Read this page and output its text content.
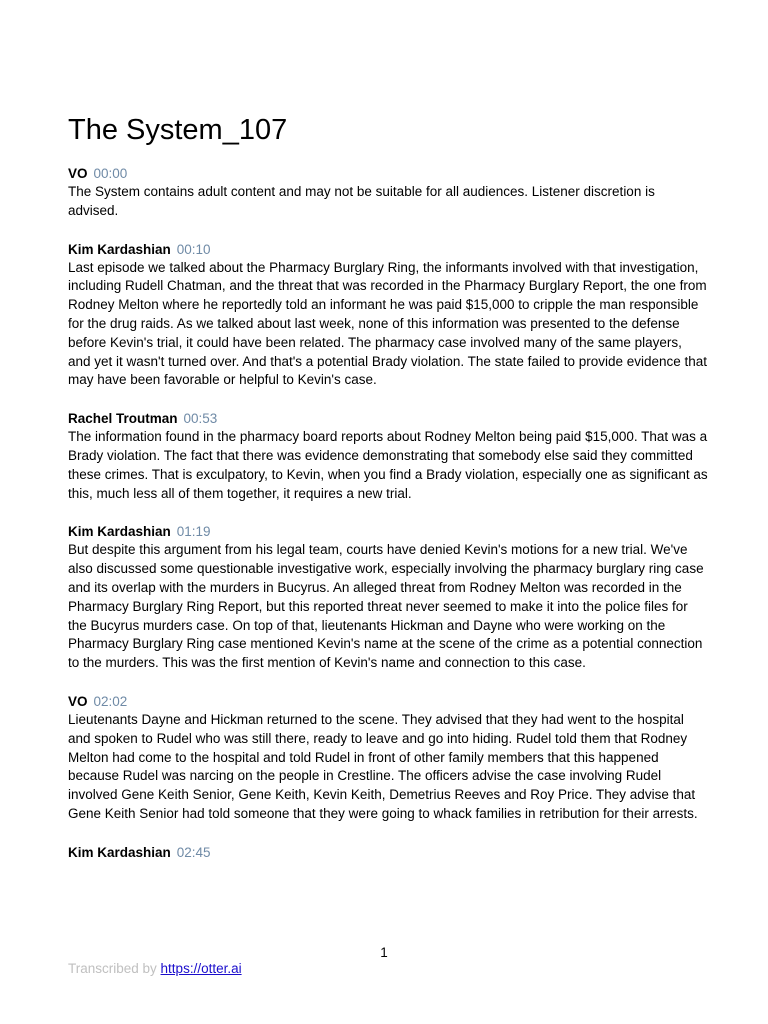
The System_107
VO 00:00

The System contains adult content and may not be suitable for all audiences. Listener discretion is advised.

Kim Kardashian 00:10

Last episode we talked about the Pharmacy Burglary Ring, the informants involved with that investigation, including Rudell Chatman, and the threat that was recorded in the Pharmacy Burglary Report, the one from Rodney Melton where he reportedly told an informant he was paid $15,000 to cripple the man responsible for the drug raids. As we talked about last week, none of this information was presented to the defense before Kevin's trial, it could have been related. The pharmacy case involved many of the same players, and yet it wasn't turned over. And that's a potential Brady violation. The state failed to provide evidence that may have been favorable or helpful to Kevin's case.

Rachel Troutman 00:53

The information found in the pharmacy board reports about Rodney Melton being paid $15,000. That was a Brady violation. The fact that there was evidence demonstrating that somebody else said they committed these crimes. That is exculpatory, to Kevin, when you find a Brady violation, especially one as significant as this, much less all of them together, it requires a new trial.

Kim Kardashian 01:19

But despite this argument from his legal team, courts have denied Kevin's motions for a new trial. We've also discussed some questionable investigative work, especially involving the pharmacy burglary ring case and its overlap with the murders in Bucyrus. An alleged threat from Rodney Melton was recorded in the Pharmacy Burglary Ring Report, but this reported threat never seemed to make it into the police files for the Bucyrus murders case. On top of that, lieutenants Hickman and Dayne who were working on the Pharmacy Burglary Ring case mentioned Kevin's name at the scene of the crime as a potential connection to the murders. This was the first mention of Kevin's name and connection to this case.

VO 02:02

Lieutenants Dayne and Hickman returned to the scene. They advised that they had went to the hospital and spoken to Rudel who was still there, ready to leave and go into hiding. Rudel told them that Rodney Melton had come to the hospital and told Rudel in front of other family members that this happened because Rudel was narcing on the people in Crestline. The officers advise the case involving Rudel involved Gene Keith Senior, Gene Keith, Kevin Keith, Demetrius Reeves and Roy Price. They advise that Gene Keith Senior had told someone that they were going to whack families in retribution for their arrests.

Kim Kardashian 02:45

1
Transcribed by https://otter.ai
